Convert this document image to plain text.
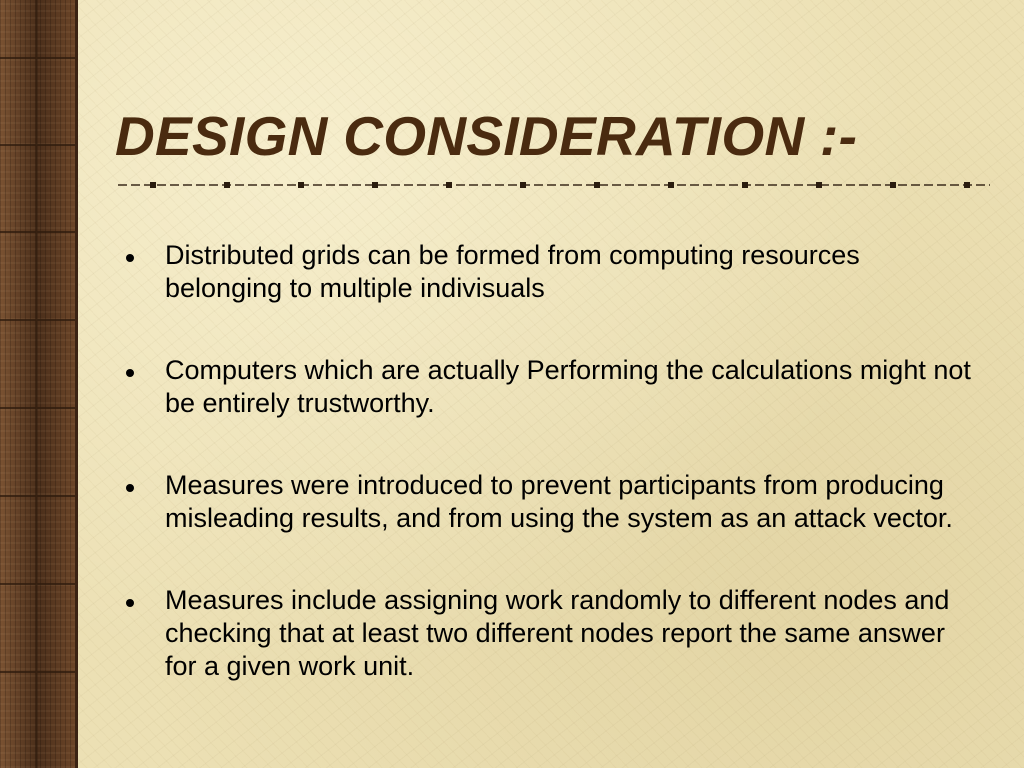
DESIGN CONSIDERATION :-
Distributed grids can be formed from computing resources belonging to multiple indivisuals
Computers which are actually Performing the calculations might not be entirely trustworthy.
Measures were introduced to prevent participants from producing misleading results, and from using the system as an attack vector.
Measures include assigning work randomly to different nodes and checking that at least two different nodes report the same answer for a given work unit.
